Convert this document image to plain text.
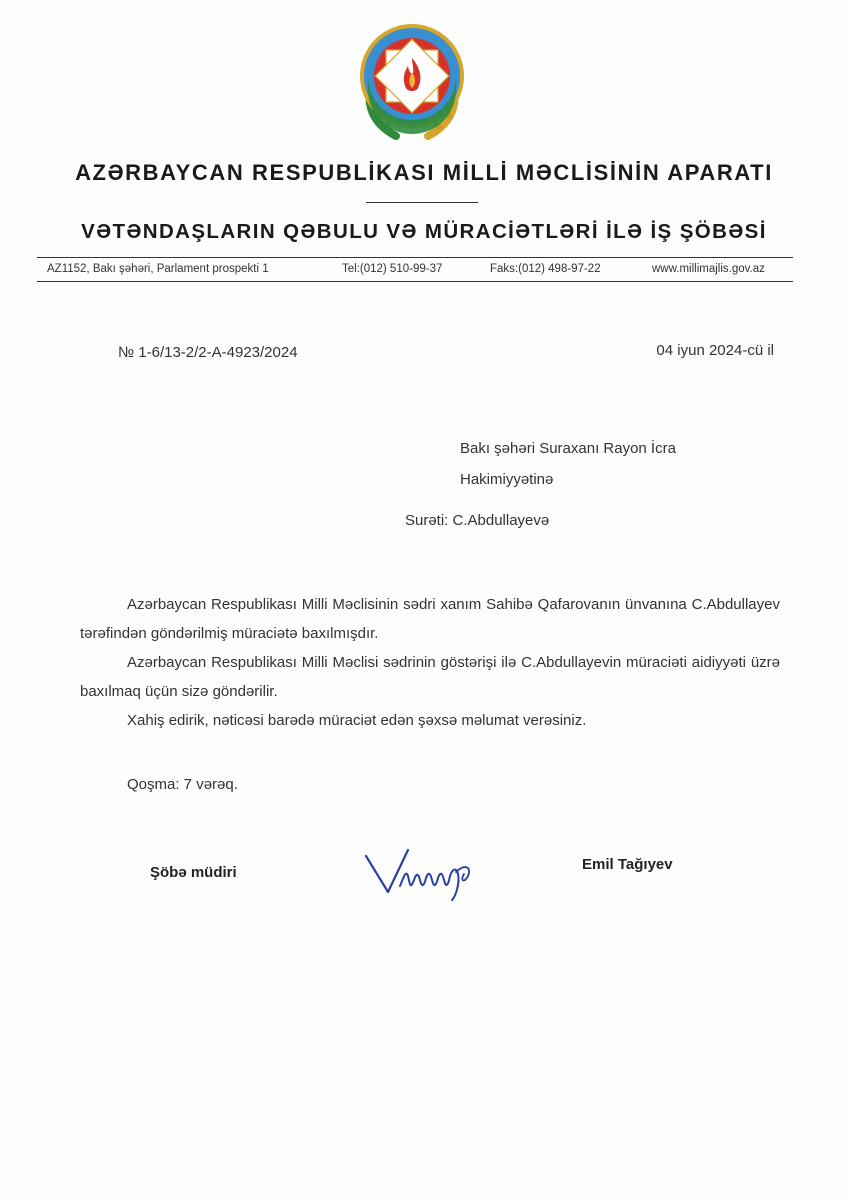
AZƏRBAYCAN RESPUBLİKASI MİLLİ MƏCLİSİNİN APARATI
VƏTƏNDAŞLARIN QƏBULU VƏ MÜRACİƏTLƏRİ İLƏ İŞ ŞÖBƏSİ
AZ1152, Bakı şəhəri, Parlament prospekti 1	Tel:(012) 510-99-37	Faks:(012) 498-97-22	www.millimajlis.gov.az
№ 1-6/13-2/2-A-4923/2024	04 iyun 2024-cü il
Bakı şəhəri Suraxanı Rayon İcra
Hakimiyyətinə
Surəti: C.Abdullayevə

Azərbaycan Respublikası Milli Məclisinin sədri xanım Sahibə Qafarovanın ünvanına C.Abdullayev tərəfindən göndərilmiş müraciətə baxılmışdır.

Azərbaycan Respublikası Milli Məclisi sədrinin göstərişi ilə C.Abdullayevin müraciəti aidiyyəti üzrə baxılmaq üçün sizə göndərilir.

Xahiş edirik, nəticəsi barədə müraciət edən şəxsə məlumat verəsiniz.

Qoşma: 7 vərəq.
Şöbə müdiri	Emil Tağıyev
